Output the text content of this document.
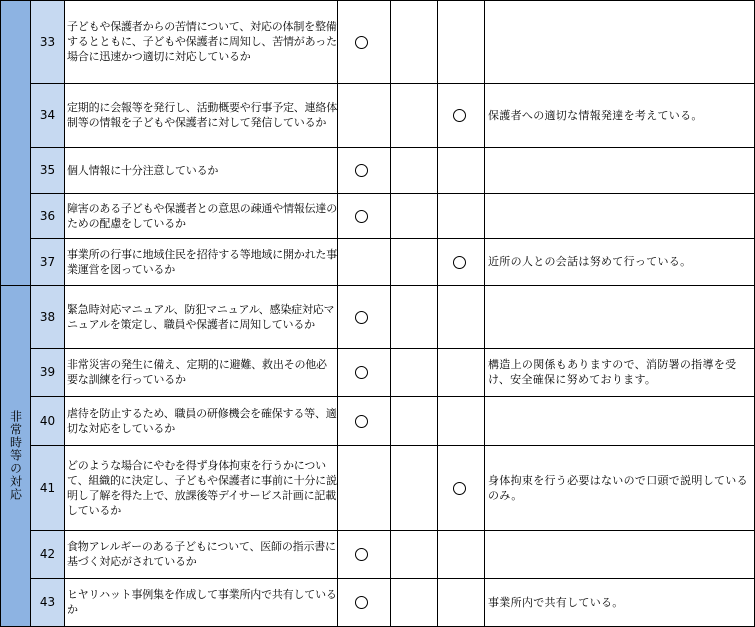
非常時等の対応
33
子どもや保護者からの苦情について、対応の体制を整備するとともに、子どもや保護者に周知し、苦情があった場合に迅速かつ適切に対応しているか
34
定期的に会報等を発行し、活動概要や行事予定、連絡体制等の情報を子どもや保護者に対して発信しているか
保護者への適切な情報発達を考えている。
35	個人情報に十分注意しているか
36
障害のある子どもや保護者との意思の疎通や情報伝達のための配慮をしているか
37
事業所の行事に地域住民を招待する等地域に開かれた事業運営を図っているか
近所の人との会話は努めて行っている。
38
緊急時対応マニュアル、防犯マニュアル、感染症対応マニュアルを策定し、職員や保護者に周知しているか
39
非常災害の発生に備え、定期的に避難、救出その他必要な訓練を行っているか
構造上の関係もありますので、消防署の指導を受け、安全確保に努めております。
40
虐待を防止するため、職員の研修機会を確保する等、適切な対応をしているか
41
どのような場合にやむを得ず身体拘束を行うかについて、組織的に決定し、子どもや保護者に事前に十分に説明し了解を得た上で、放課後等デイサービス計画に記載しているか
身体拘束を行う必要はないので口頭で説明しているのみ。
42
食物アレルギーのある子どもについて、医師の指示書に基づく対応がされているか
43
ヒヤリハット事例集を作成して事業所内で共有しているか
事業所内で共有している。
